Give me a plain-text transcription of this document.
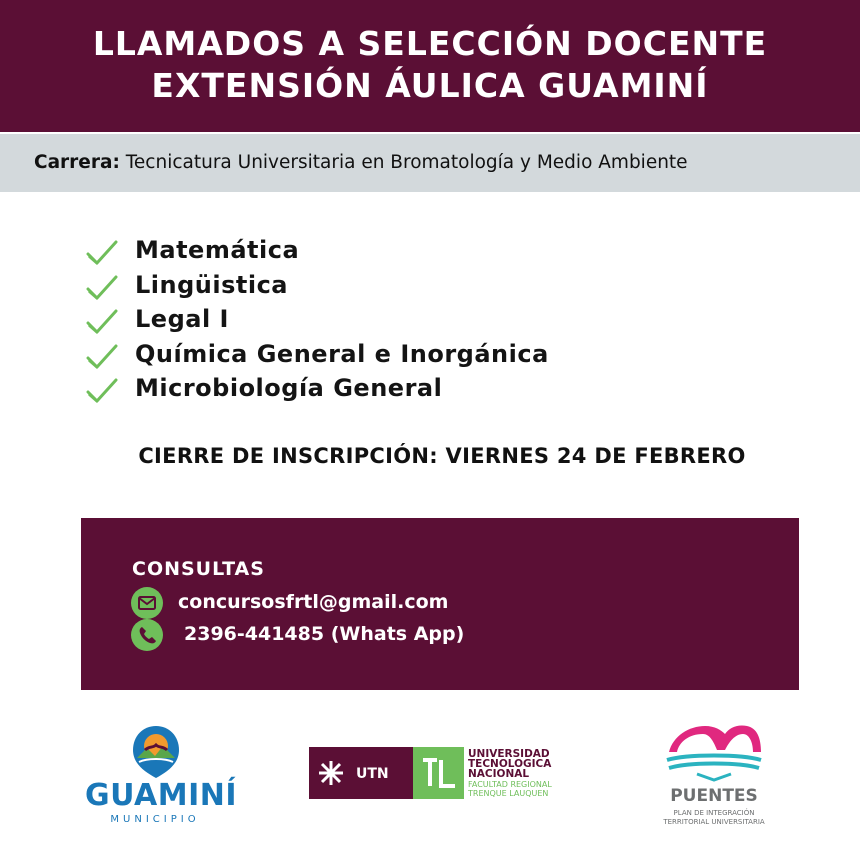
LLAMADOS A SELECCIÓN DOCENTE
EXTENSIÓN ÁULICA GUAMINÍ
Carrera: Tecnicatura Universitaria en Bromatología y Medio Ambiente
Matemática
Lingüistica
Legal I
Química General e Inorgánica
Microbiología General
CIERRE DE INSCRIPCIÓN: VIERNES 24 DE FEBRERO
CONSULTAS
concursosfrtl@gmail.com
2396-441485 (Whats App)
GUAMINÍ
MUNICIPIO
UTN
UNIVERSIDAD
TECNOLOGICA
NACIONAL
FACULTAD REGIONAL
TRENQUE LAUQUEN	PUENTES
PLAN DE INTEGRACIÓN
TERRITORIAL UNIVERSITARIA
